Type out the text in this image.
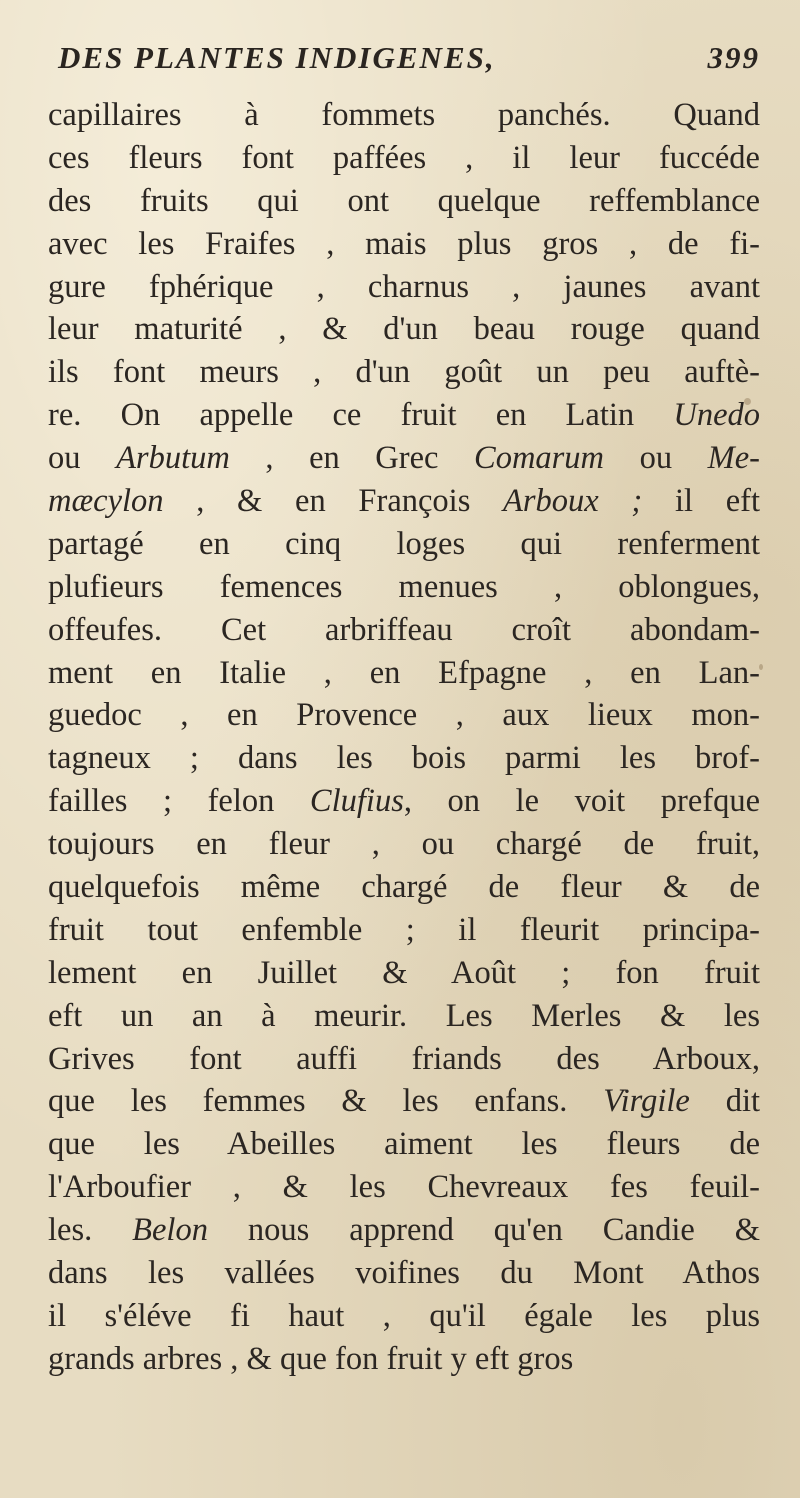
DES PLANTES INDIGENES,	399
capillaires à fommets panchés. Quand
ces fleurs font paffées , il leur fuccéde
des fruits qui ont quelque reffemblance
avec les Fraifes , mais plus gros , de fi-
gure fphérique , charnus , jaunes avant
leur maturité , & d'un beau rouge quand
ils font meurs , d'un goût un peu auftè-
re. On appelle ce fruit en Latin Unedo
ou Arbutum , en Grec Comarum ou Me-
mæcylon , & en François Arboux ; il eft
partagé en cinq loges qui renferment
plufieurs femences menues , oblongues,
offeufes. Cet arbriffeau croît abondam-
ment en Italie , en Efpagne , en Lan-
guedoc , en Provence , aux lieux mon-
tagneux ; dans les bois parmi les brof-
failles ; felon Clufius, on le voit prefque
toujours en fleur , ou chargé de fruit,
quelquefois même chargé de fleur & de
fruit tout enfemble ; il fleurit principa-
lement en Juillet & Août ; fon fruit
eft un an à meurir. Les Merles & les
Grives font auffi friands des Arboux,
que les femmes & les enfans. Virgile dit
que les Abeilles aiment les fleurs de
l'Arboufier , & les Chevreaux fes feuil-
les. Belon nous apprend qu'en Candie &
dans les vallées voifines du Mont Athos
il s'éléve fi haut , qu'il égale les plus
grands arbres , & que fon fruit y eft gros
